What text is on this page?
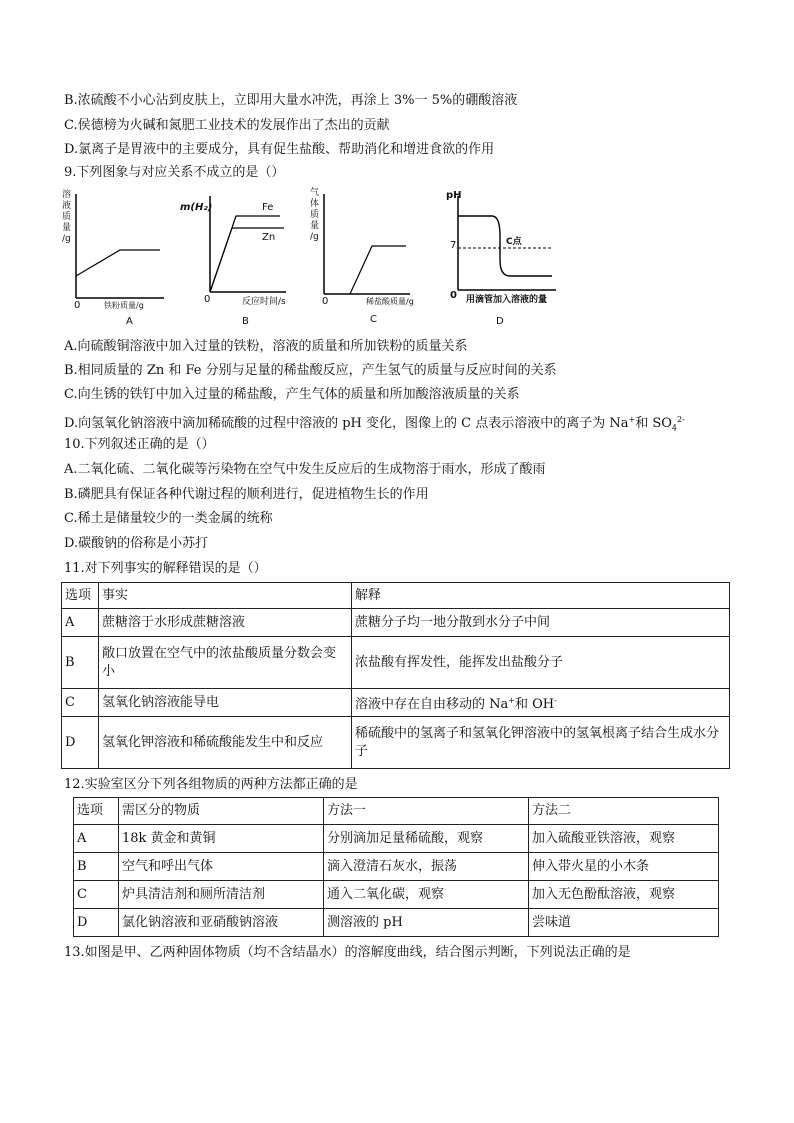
B.浓硫酸不小心沾到皮肤上，立即用大量水冲洗，再涂上 3%一 5%的硼酸溶液
C.侯德榜为火碱和氮肥工业技术的发展作出了杰出的贡献
D.氯离子是胃液中的主要成分，具有促生盐酸、帮助消化和增进食欲的作用
9.下列图象与对应关系不成立的是（）
溶
液
质
量
/g
0	铁粉质量/g
A
m(H₂)
0	反应时间/s
Fe
Zn
B
气
体
质
量
/g
0	稀盐酸质量/g
C
pH
7	C点
0 用滴管加入溶液的量
D
A.向硫酸铜溶液中加入过量的铁粉，溶液的质量和所加铁粉的质量关系
B.相同质量的 Zn 和 Fe 分别与足量的稀盐酸反应，产生氢气的质量与反应时间的关系
C.向生锈的铁钉中加入过量的稀盐酸，产生气体的质量和所加酸溶液质量的关系
D.向氢氧化钠溶液中滴加稀硫酸的过程中溶液的 pH 变化，图像上的 C 点表示溶液中的离子为 Na+和 $SO_4^{2-}$
10.下列叙述正确的是（）
A.二氧化硫、二氧化碳等污染物在空气中发生反应后的生成物溶于雨水，形成了酸雨
B.磷肥具有保证各种代谢过程的顺利进行，促进植物生长的作用
C.稀土是储量较少的一类金属的统称
D.碳酸钠的俗称是小苏打
11.对下列事实的解释错误的是（）
选项	事实	解释
A	蔗糖溶于水形成蔗糖溶液	蔗糖分子均一地分散到水分子中间
B	敞口放置在空气中的浓盐酸质量分数会变小	浓盐酸有挥发性，能挥发出盐酸分子
C	氢氧化钠溶液能导电	溶液中存在自由移动的 Na+和 OH-
D	氢氧化钾溶液和稀硫酸能发生中和反应	稀硫酸中的氢离子和氢氧化钾溶液中的氢氧根离子结合生成水分子
12.实验室区分下列各组物质的两种方法都正确的是
选项	需区分的物质	方法一	方法二
A	18k 黄金和黄铜	分别滴加足量稀硫酸，观察	加入硫酸亚铁溶液，观察
B	空气和呼出气体	滴入澄清石灰水，振荡	伸入带火星的小木条
C	炉具清洁剂和厕所清洁剂	通入二氧化碳，观察	加入无色酚酞溶液，观察
D	氯化钠溶液和亚硝酸钠溶液	测溶液的 pH	尝味道
13.如图是甲、乙两种固体物质（均不含结晶水）的溶解度曲线，结合图示判断，下列说法正确的是
